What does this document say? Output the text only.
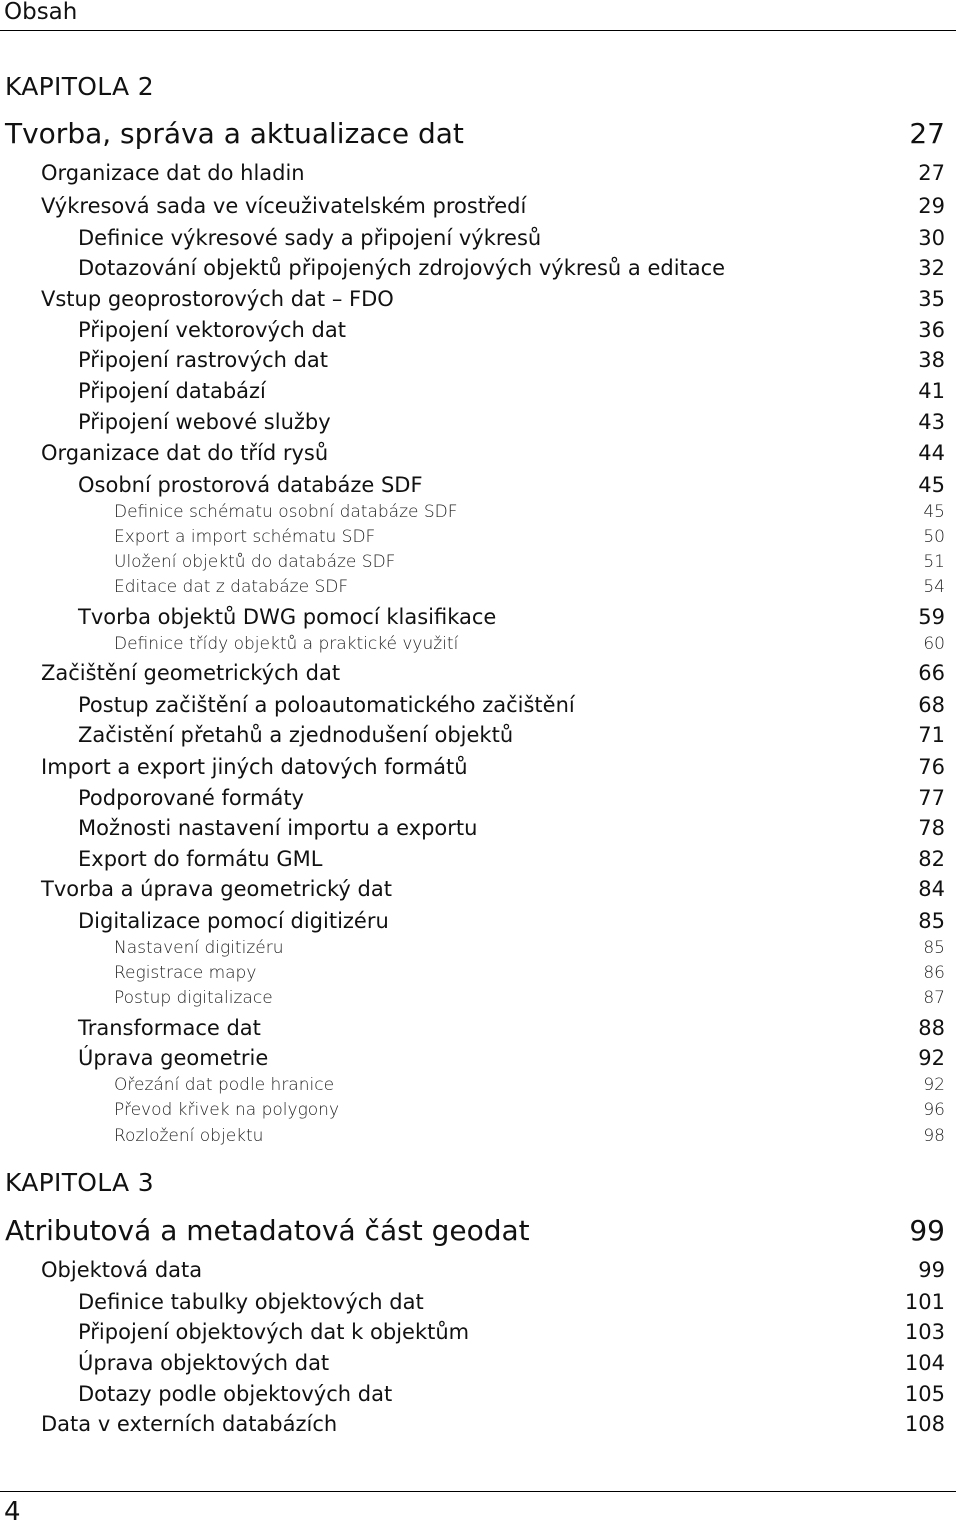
Obsah
KAPITOLA 2
KAPITOLA 3
Tvorba, správa a aktualizace dat	27
Organizace dat do hladin	27
Výkresová sada ve víceuživatelském prostředí	29
Definice výkresové sady a připojení výkresů	30
Dotazování objektů připojených zdrojových výkresů a editace	32
Vstup geoprostorových dat – FDO	35
Připojení vektorových dat	36
Připojení rastrových dat	38
Připojení databází	41
Připojení webové služby	43
Organizace dat do tříd rysů	44
Osobní prostorová databáze SDF	45
Definice schématu osobní databáze SDF	45
Export a import schématu SDF	50
Uložení objektů do databáze SDF	51
Editace dat z databáze SDF	54
Tvorba objektů DWG pomocí klasifikace	59
Definice třídy objektů a praktické využití	60
Začištění geometrických dat	66
Postup začištění a poloautomatického začištění	68
Začistění přetahů a zjednodušení objektů	71
Import a export jiných datových formátů	76
Podporované formáty	77
Možnosti nastavení importu a exportu	78
Export do formátu GML	82
Tvorba a úprava geometrický dat	84
Digitalizace pomocí digitizéru	85
Nastavení digitizéru	85
Registrace mapy	86
Postup digitalizace	87
Transformace dat	88
Úprava geometrie	92
Ořezání dat podle hranice	92
Převod křivek na polygony	96
Rozložení objektu	98
Atributová a metadatová část geodat	99
Objektová data	99
Definice tabulky objektových dat	101
Připojení objektových dat k objektům	103
Úprava objektových dat	104
Dotazy podle objektových dat	105
Data v externích databázích	108
4
